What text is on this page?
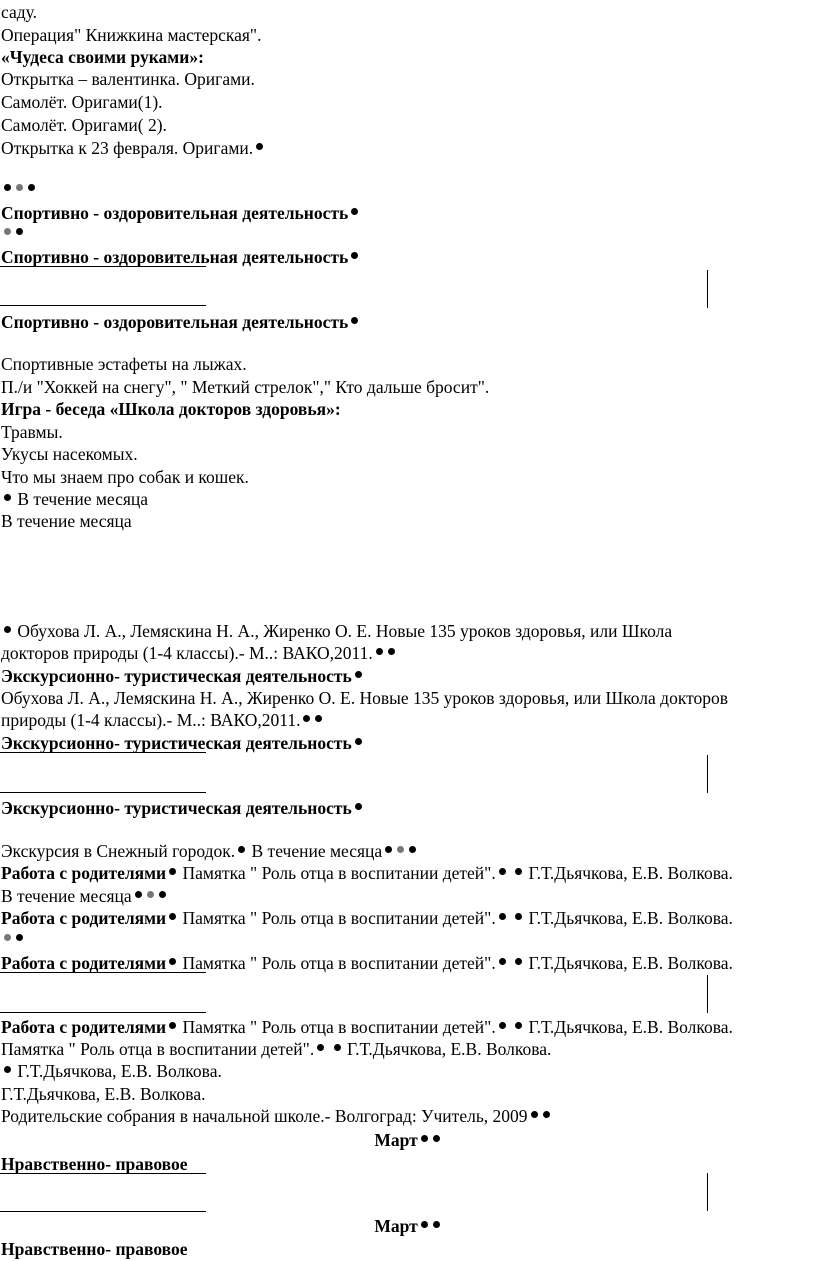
саду.
Операция" Книжкина мастерская".
«Чудеса своими руками»:
Открытка – валентинка. Оригами.
Самолёт. Оригами(1).
Самолёт. Оригами( 2).
Открытка к 23 февраля. Оригами.
Спортивно - оздоровительная деятельность
Спортивно - оздоровительная деятельность
Спортивно - оздоровительная деятельность
Спортивные эстафеты на лыжах.
П./и "Хоккей на снегу", " Меткий стрелок"," Кто дальше бросит".
Игра - беседа «Школа докторов здоровья»:
Травмы.
Укусы насекомых.
Что мы знаем про собак и кошек.
В течение месяца
В течение месяца
Обухова Л. А., Лемяскина Н. А., Жиренко О. Е. Новые 135 уроков здоровья, или Школа
докторов природы (1-4 классы).- М..: ВАКО,2011.
Экскурсионно- туристическая деятельность
Обухова Л. А., Лемяскина Н. А., Жиренко О. Е. Новые 135 уроков здоровья, или Школа докторов
природы (1-4 классы).- М..: ВАКО,2011.
Экскурсионно- туристическая деятельность
Экскурсионно- туристическая деятельность
Экскурсия в Снежный городок. В течение месяца
Работа с родителями Памятка " Роль отца в воспитании детей".  Г.Т.Дьячкова, Е.В. Волкова.
В течение месяца
Работа с родителями Памятка " Роль отца в воспитании детей".  Г.Т.Дьячкова, Е.В. Волкова.
Работа с родителями Памятка " Роль отца в воспитании детей".  Г.Т.Дьячкова, Е.В. Волкова.
Работа с родителями Памятка " Роль отца в воспитании детей".  Г.Т.Дьячкова, Е.В. Волкова.
Памятка " Роль отца в воспитании детей".  Г.Т.Дьячкова, Е.В. Волкова.
Г.Т.Дьячкова, Е.В. Волкова.
Г.Т.Дьячкова, Е.В. Волкова.
Родительские собрания в начальной школе.- Волгоград: Учитель, 2009
Март
Нравственно- правовое
Март
Нравственно- правовое
